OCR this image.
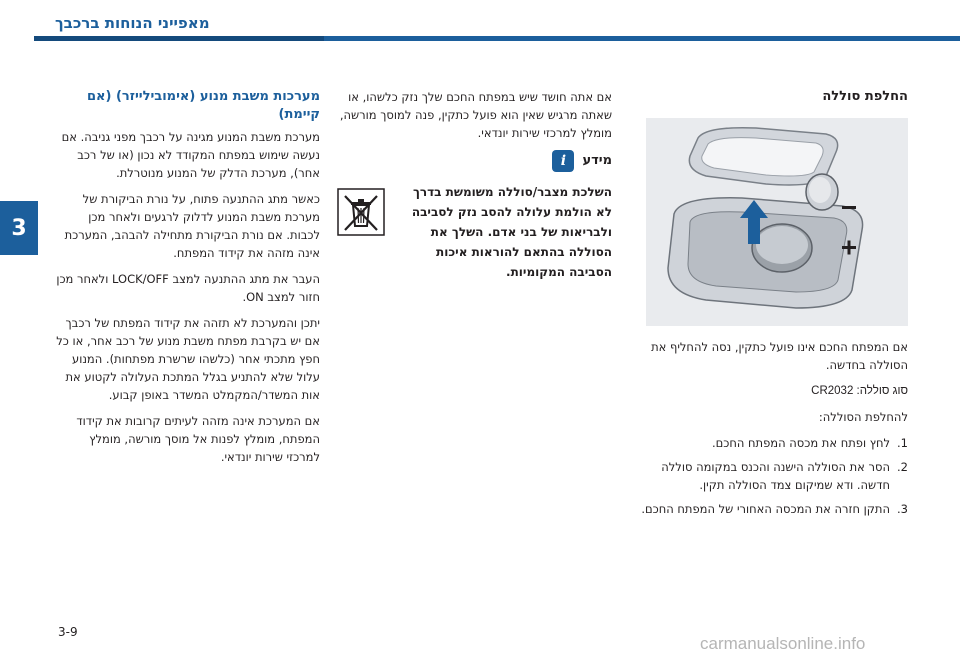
מאפייני הנוחות ברכבך
3
החלפת סוללה
אם המפתח החכם אינו פועל כתקין, נסה להחליף את הסוללה בחדשה.
סוג סוללה: CR2032
להחלפת הסוללה:
1.
לחץ ופתח את מכסה המפתח החכם.
2.
הסר את הסוללה הישנה והכנס במקומה סוללה חדשה. ודא שמיקום צמד הסוללה תקין.
3.
התקן חזרה את המכסה האחורי של המפתח החכם.
אם אתה חושד שיש במפתח החכם שלך נזק כלשהו, או שאתה מרגיש שאין הוא פועל כתקין, פנה למוסך מורשה, מומלץ למרכזי שירות יונדאי.
מידע
i
השלכת מצבר/סוללה משומשת בדרך לא הולמת עלולה להסב נזק לסביבה ולבריאות של בני אדם. השלך את הסוללה בהתאם להוראות איכות הסביבה המקומיות.
מערכות משבת מנוע (אימובילייזר) (אם קיימת)
מערכת משבת המנוע מגינה על רכבך מפני גניבה. אם נעשה שימוש במפתח המקודד לא נכון (או של רכב אחר), מערכת הדלק של המנוע מנוטרלת.
כאשר מתג ההתנעה פתוח, על נורת הביקורת של מערכת משבת המנוע לדלוק לרגעים ולאחר מכן לכבות. אם נורת הביקורת מתחילה להבהב, המערכת אינה מזהה את קידוד המפתח.
העבר את מתג ההתנעה למצב LOCK/OFF ולאחר מכן חזור למצב ON.
יתכן והמערכת לא תזהה את קידוד המפתח של רכבך אם יש בקרבת מפתח משבת מנוע של רכב אחר, או כל חפץ מתכתי אחר (כלשהו שרשרת מפתחות). המנוע עלול שלא להתניע בגלל המתכת העלולה לקטוע את אות המשדר/המקמלט המשדר באופן קבוע.
אם המערכת אינה מזהה לעיתים קרובות את קידוד המפתח, מומלץ לפנות אל מוסך מורשה, מומלץ למרכזי שירות יונדאי.
3-9
carmanualsonline.info
